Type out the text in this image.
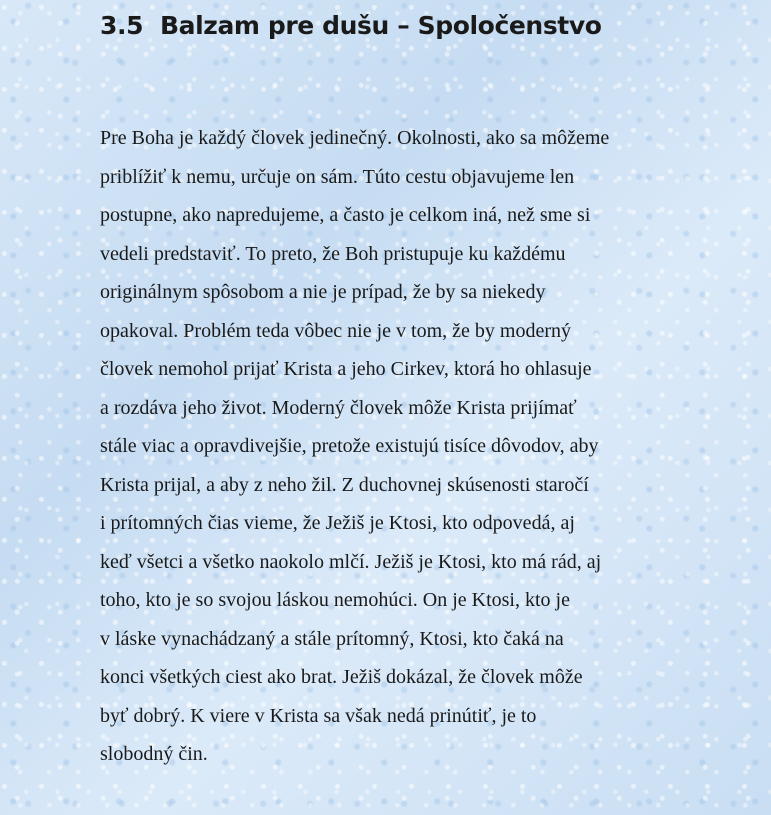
3.5 Balzam pre dušu – Spoločenstvo

Pre Boha je každý človek jedinečný. Okolnosti, ako sa môžeme
priblížiť k nemu, určuje on sám. Túto cestu objavujeme len
postupne, ako napredujeme, a často je celkom iná, než sme si
vedeli predstaviť. To preto, že Boh pristupuje ku každému
originálnym spôsobom a nie je prípad, že by sa niekedy
opakoval. Problém teda vôbec nie je v tom, že by moderný
človek nemohol prijať Krista a jeho Cirkev, ktorá ho ohlasuje
a rozdáva jeho život. Moderný človek môže Krista prijímať
stále viac a opravdivejšie, pretože existujú tisíce dôvodov, aby
Krista prijal, a aby z neho žil. Z duchovnej skúsenosti staročí
i prítomných čias vieme, že Ježiš je Ktosi, kto odpovedá, aj
keď všetci a všetko naokolo mlčí. Ježiš je Ktosi, kto má rád, aj
toho, kto je so svojou láskou nemohúci. On je Ktosi, kto je
v láske vynachádzaný a stále prítomný, Ktosi, kto čaká na
konci všetkých ciest ako brat. Ježiš dokázal, že človek môže
byť dobrý. K viere v Krista sa však nedá prinútiť, je to
slobodný čin.
